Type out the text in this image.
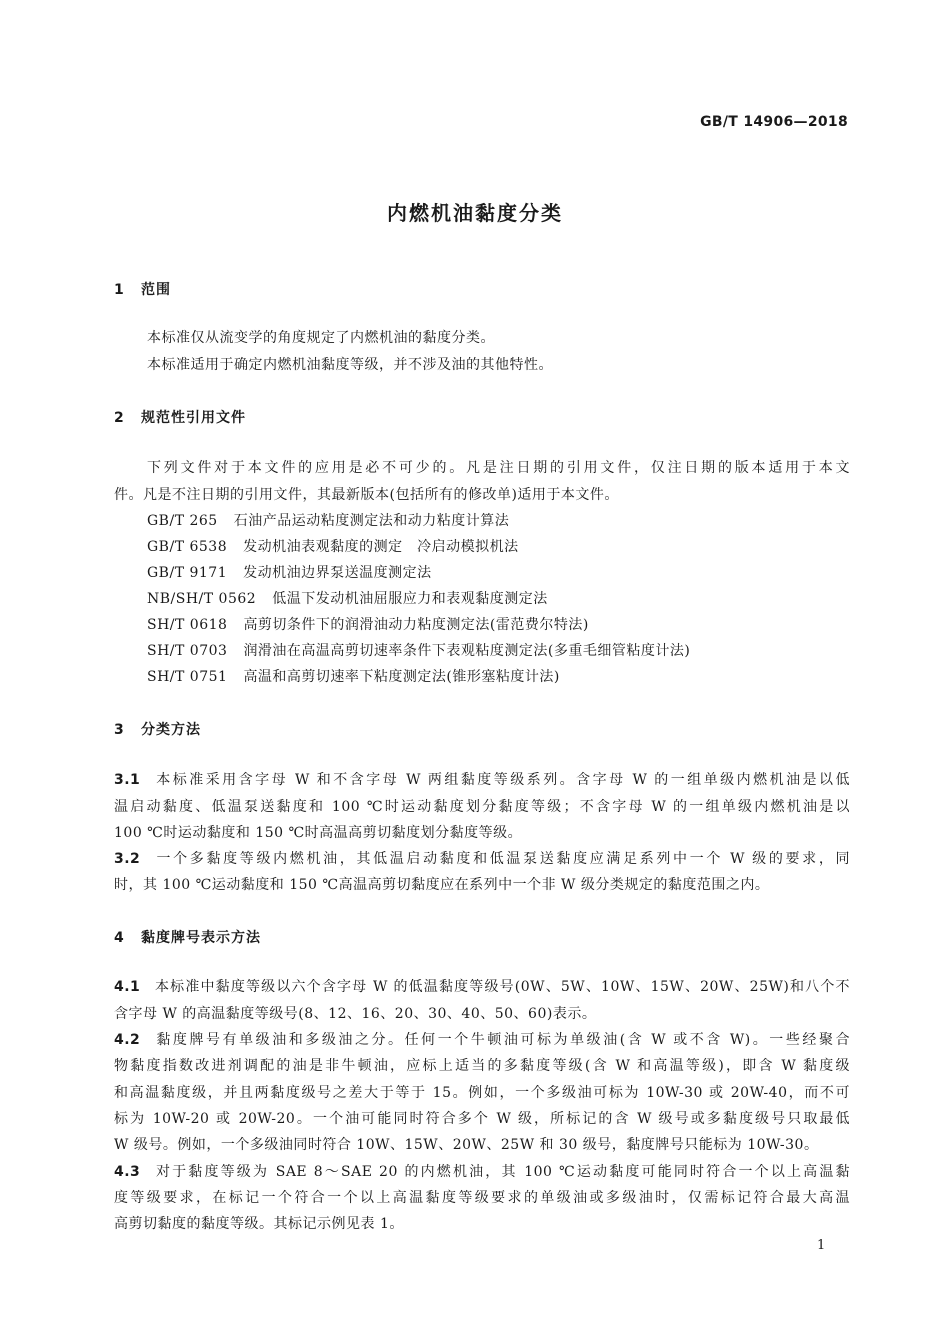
GB/T 14906—2018
内燃机油黏度分类
1 范围
本标准仅从流变学的角度规定了内燃机油的黏度分类。
本标准适用于确定内燃机油黏度等级，并不涉及油的其他特性。
2 规范性引用文件
下列文件对于本文件的应用是必不可少的。凡是注日期的引用文件，仅注日期的版本适用于本文
件。凡是不注日期的引用文件，其最新版本(包括所有的修改单)适用于本文件。
GB/T 265 石油产品运动粘度测定法和动力粘度计算法
GB/T 6538 发动机油表观黏度的测定　冷启动模拟机法
GB/T 9171 发动机油边界泵送温度测定法
NB/SH/T 0562 低温下发动机油屈服应力和表观黏度测定法
SH/T 0618 高剪切条件下的润滑油动力粘度测定法(雷范费尔特法)
SH/T 0703 润滑油在高温高剪切速率条件下表观粘度测定法(多重毛细管粘度计法)
SH/T 0751 高温和高剪切速率下粘度测定法(锥形塞粘度计法)
3 分类方法
3.1 本标准采用含字母 W 和不含字母 W 两组黏度等级系列。含字母 W 的一组单级内燃机油是以低
温启动黏度、低温泵送黏度和 100 ℃时运动黏度划分黏度等级；不含字母 W 的一组单级内燃机油是以
100 ℃时运动黏度和 150 ℃时高温高剪切黏度划分黏度等级。
3.2 一个多黏度等级内燃机油，其低温启动黏度和低温泵送黏度应满足系列中一个 W 级的要求，同
时，其 100 ℃运动黏度和 150 ℃高温高剪切黏度应在系列中一个非 W 级分类规定的黏度范围之内。
4 黏度牌号表示方法
4.1 本标准中黏度等级以六个含字母 W 的低温黏度等级号(0W、5W、10W、15W、20W、25W)和八个不
含字母 W 的高温黏度等级号(8、12、16、20、30、40、50、60)表示。
4.2 黏度牌号有单级油和多级油之分。任何一个牛顿油可标为单级油(含 W 或不含 W)。一些经聚合
物黏度指数改进剂调配的油是非牛顿油，应标上适当的多黏度等级(含 W 和高温等级)，即含 W 黏度级
和高温黏度级，并且两黏度级号之差大于等于 15。例如，一个多级油可标为 10W-30 或 20W-40，而不可
标为 10W-20 或 20W-20。一个油可能同时符合多个 W 级，所标记的含 W 级号或多黏度级号只取最低
W 级号。例如，一个多级油同时符合 10W、15W、20W、25W 和 30 级号，黏度牌号只能标为 10W-30。
4.3 对于黏度等级为 SAE 8～SAE 20 的内燃机油，其 100 ℃运动黏度可能同时符合一个以上高温黏
度等级要求，在标记一个符合一个以上高温黏度等级要求的单级油或多级油时，仅需标记符合最大高温
高剪切黏度的黏度等级。其标记示例见表 1。
1
